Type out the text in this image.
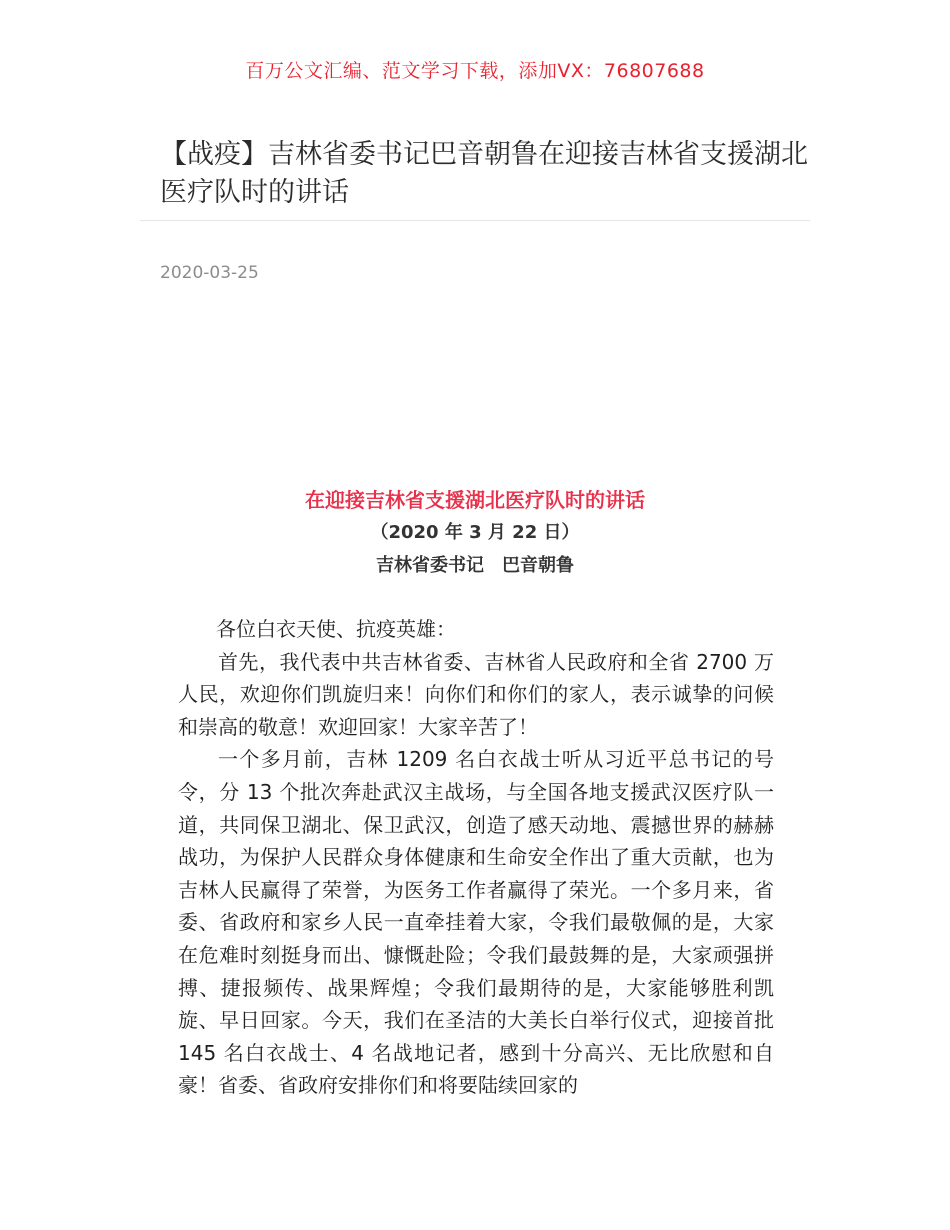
百万公文汇编、范文学习下载，添加VX：76807688
【战疫】吉林省委书记巴音朝鲁在迎接吉林省支援湖北医疗队时的讲话
2020-03-25
在迎接吉林省支援湖北医疗队时的讲话
（2020 年 3 月 22 日）
吉林省委书记　巴音朝鲁

各位白衣天使、抗疫英雄：

首先，我代表中共吉林省委、吉林省人民政府和全省 2700 万人民，欢迎你们凯旋归来！向你们和你们的家人，表示诚挚的问候和崇高的敬意！欢迎回家！大家辛苦了！

一个多月前，吉林 1209 名白衣战士听从习近平总书记的号令，分 13 个批次奔赴武汉主战场，与全国各地支援武汉医疗队一道，共同保卫湖北、保卫武汉，创造了感天动地、震撼世界的赫赫战功，为保护人民群众身体健康和生命安全作出了重大贡献，也为吉林人民赢得了荣誉，为医务工作者赢得了荣光。一个多月来，省委、省政府和家乡人民一直牵挂着大家，令我们最敬佩的是，大家在危难时刻挺身而出、慷慨赴险；令我们最鼓舞的是，大家顽强拼搏、捷报频传、战果辉煌；令我们最期待的是，大家能够胜利凯旋、早日回家。今天，我们在圣洁的大美长白举行仪式，迎接首批 145 名白衣战士、4 名战地记者，感到十分高兴、无比欣慰和自豪！省委、省政府安排你们和将要陆续回家的
